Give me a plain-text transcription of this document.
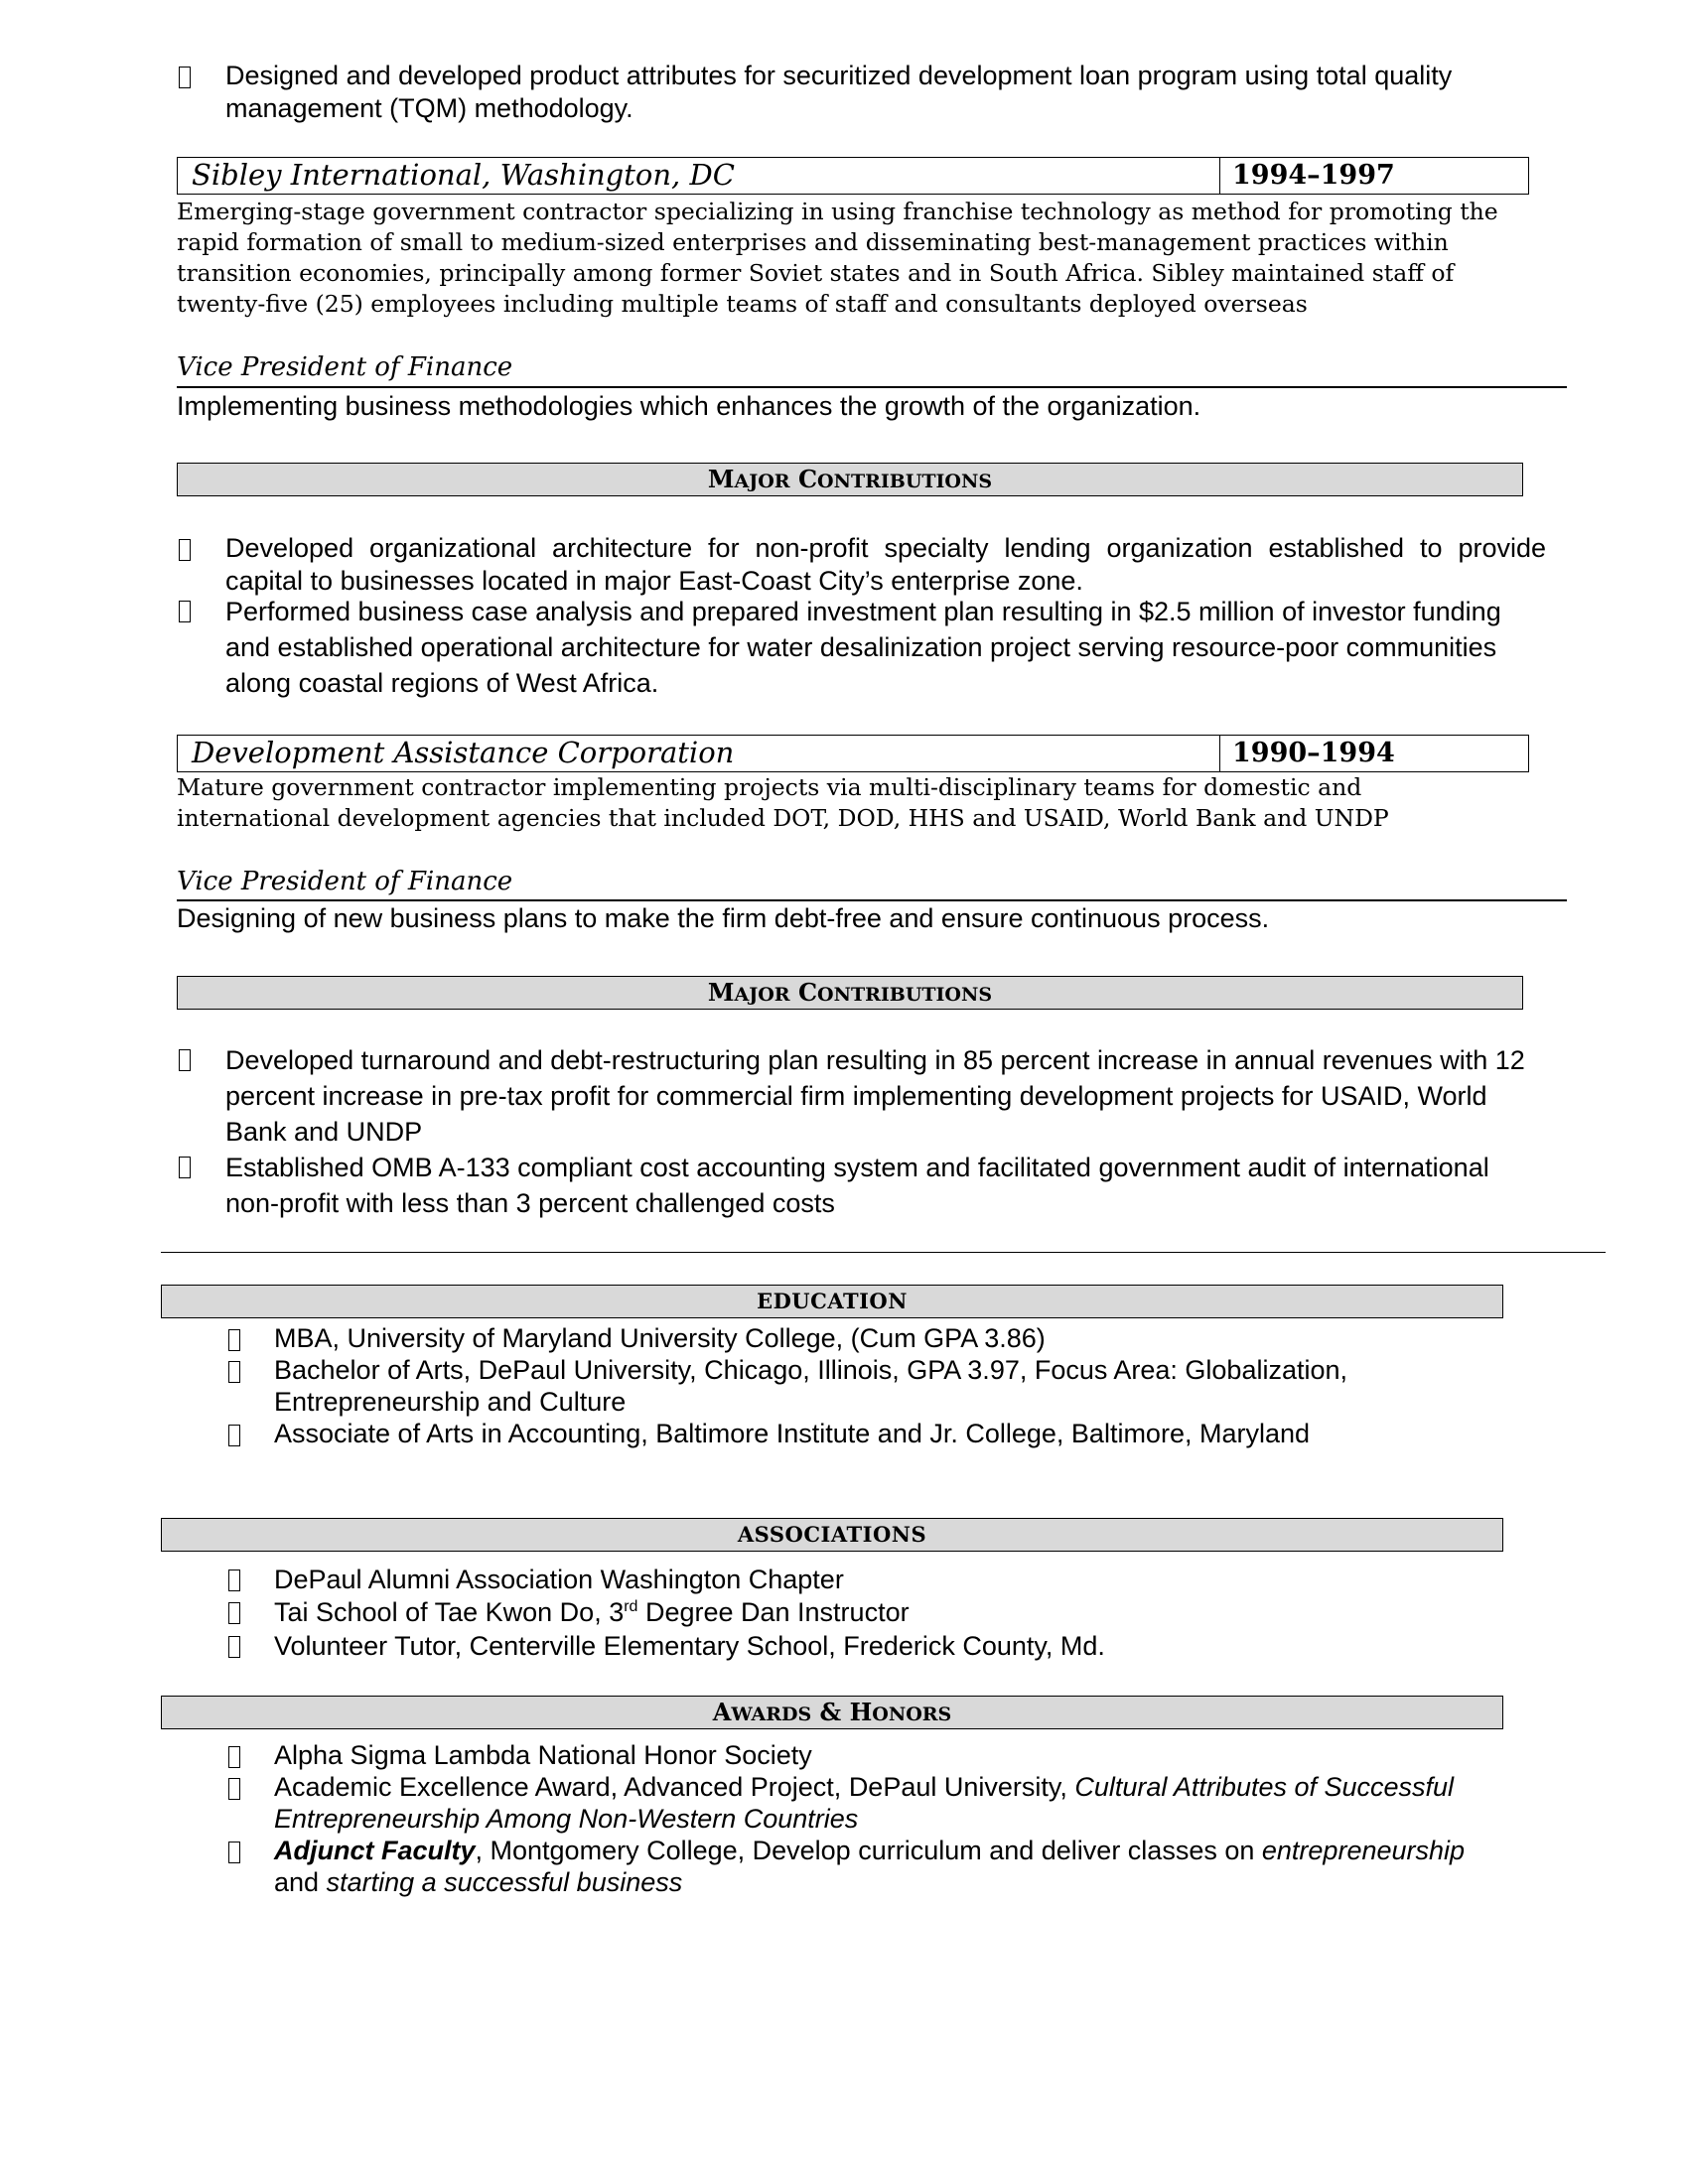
Designed and developed product attributes for securitized development loan program using total quality management (TQM) methodology.
Sibley International, Washington, DC	1994–1997
Emerging-stage government contractor specializing in using franchise technology as method for promoting the rapid formation of small to medium-sized enterprises and disseminating best-management practices within transition economies, principally among former Soviet states and in South Africa. Sibley maintained staff of twenty-five (25) employees including multiple teams of staff and consultants deployed overseas
Vice President of Finance
Implementing business methodologies which enhances the growth of the organization.
MAJOR CONTRIBUTIONS
Developed organizational architecture for non-profit specialty lending organization established to provide capital to businesses located in major East-Coast City’s enterprise zone.
Performed business case analysis and prepared investment plan resulting in $2.5 million of investor funding and established operational architecture for water desalinization project serving resource-poor communities along coastal regions of West Africa.
Development Assistance Corporation	1990–1994
Mature government contractor implementing projects via multi-disciplinary teams for domestic and international development agencies that included DOT, DOD, HHS and USAID, World Bank and UNDP
Vice President of Finance
Designing of new business plans to make the firm debt-free and ensure continuous process.
MAJOR CONTRIBUTIONS
Developed turnaround and debt-restructuring plan resulting in 85 percent increase in annual revenues with 12 percent increase in pre-tax profit for commercial firm implementing development projects for USAID, World Bank and UNDP
Established OMB A-133 compliant cost accounting system and facilitated government audit of international non-profit with less than 3 percent challenged costs
EDUCATION
MBA, University of Maryland University College, (Cum GPA 3.86)
Bachelor of Arts, DePaul University, Chicago, Illinois, GPA 3.97, Focus Area: Globalization, Entrepreneurship and Culture
Associate of Arts in Accounting, Baltimore Institute and Jr. College, Baltimore, Maryland
ASSOCIATIONS
DePaul Alumni Association Washington Chapter
Tai School of Tae Kwon Do, 3rd Degree Dan Instructor
Volunteer Tutor, Centerville Elementary School, Frederick County, Md.
AWARDS & HONORS
Alpha Sigma Lambda National Honor Society
Academic Excellence Award, Advanced Project, DePaul University, Cultural Attributes of Successful Entrepreneurship Among Non-Western Countries
Adjunct Faculty, Montgomery College, Develop curriculum and deliver classes on entrepreneurship and starting a successful business
